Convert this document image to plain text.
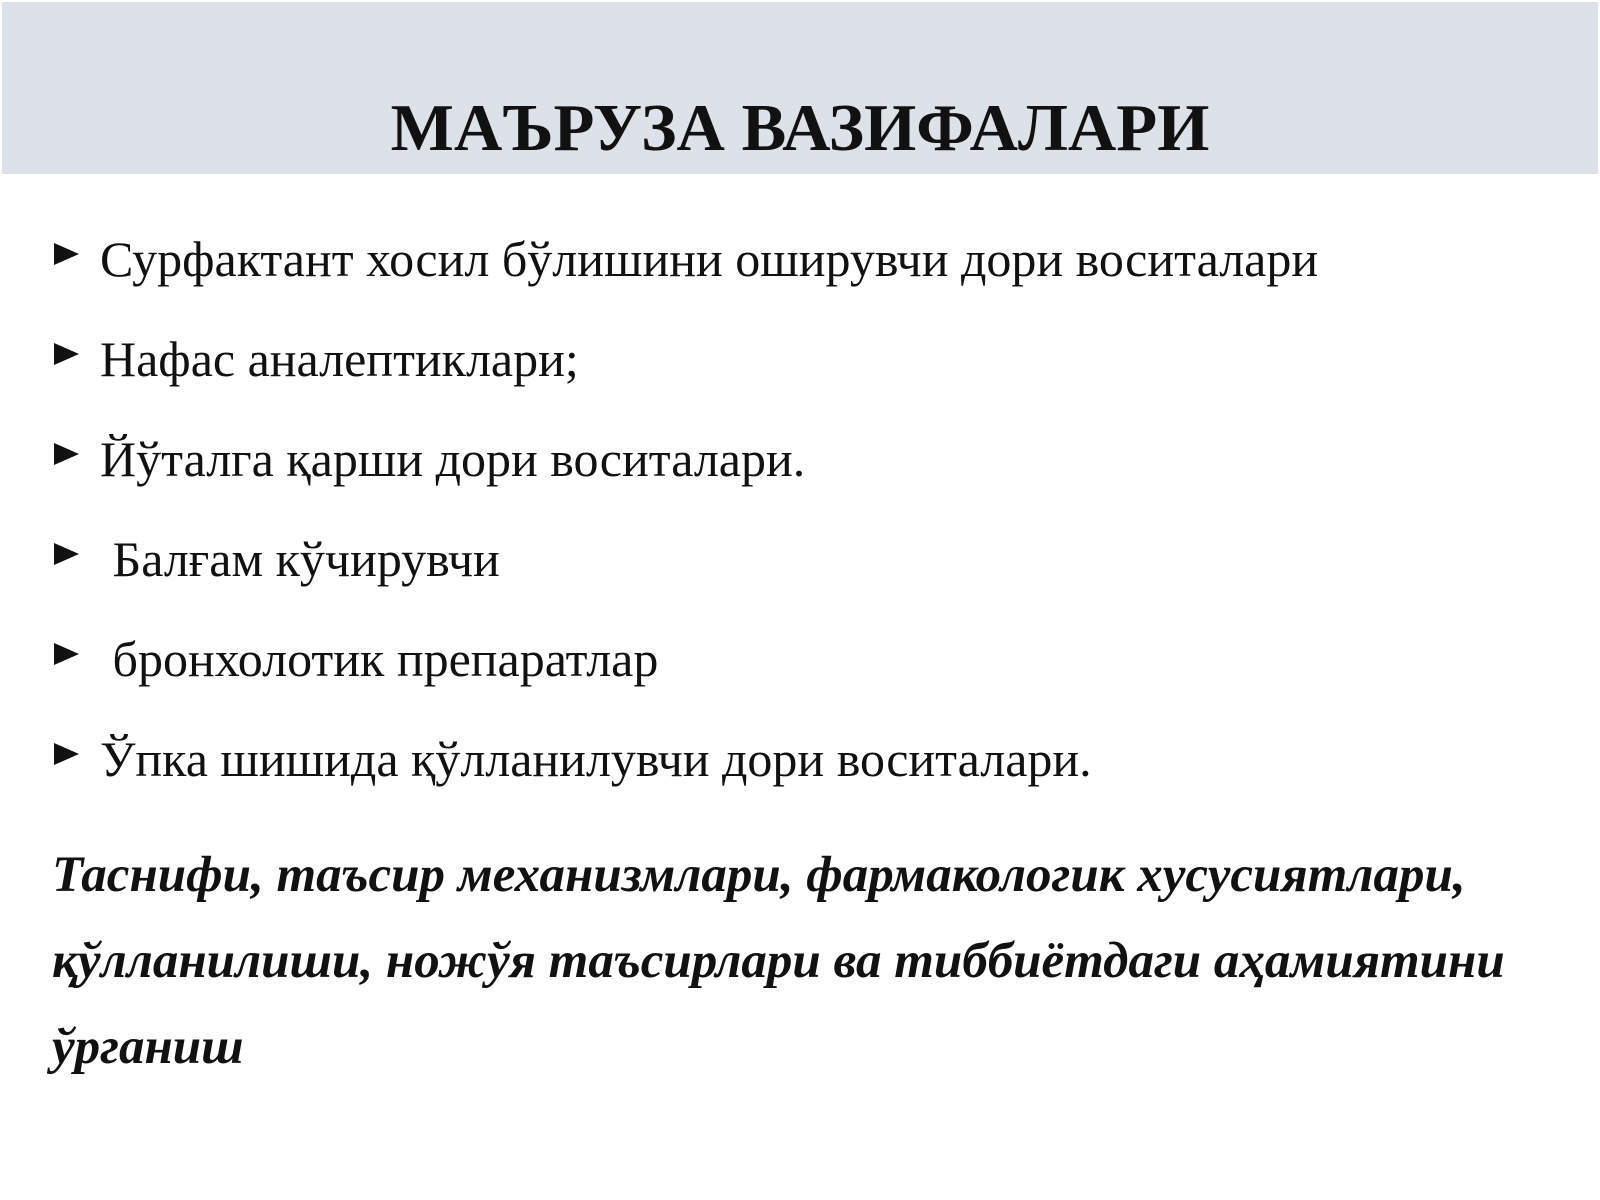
МАЪРУЗА ВАЗИФАЛАРИ
Сурфактант хосил бўлишини оширувчи дори воситалари
Нафас аналептиклари;
Йўталга қарши дори воситалари.
Балғам кўчирувчи
бронхолотик препаратлар
Ўпка шишида қўлланилувчи дори воситалари.

Таснифи, таъсир механизмлари, фармакологик хусусиятлари, қўлланилиши, ножўя таъсирлари ва тиббиётдаги аҳамиятини ўрганиш
